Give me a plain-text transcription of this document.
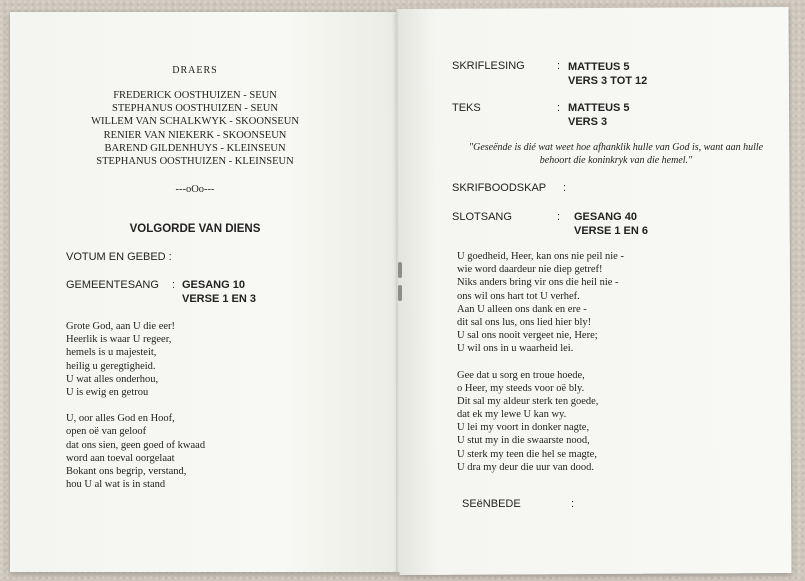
DRAERS
FREDERICK OOSTHUIZEN - SEUN
STEPHANUS OOSTHUIZEN - SEUN
WILLEM VAN SCHALKWYK - SKOONSEUN
RENIER VAN NIEKERK - SKOONSEUN
BAREND GILDENHUYS - KLEINSEUN
STEPHANUS OOSTHUIZEN - KLEINSEUN
---oOo---
VOLGORDE VAN DIENS
VOTUM EN GEBED :
GEMEENTESANG : GESANG 10
VERSE 1 EN 3
Grote God, aan U die eer!
Heerlik is waar U regeer,
hemels is u majesteit,
heilig u geregtigheid.
U wat alles onderhou,
U is ewig en getrou
U, oor alles God en Hoof,
open oë van geloof
dat ons sien, geen goed of kwaad
word aan toeval oorgelaat
Bokant ons begrip, verstand,
hou U al wat is in stand
SKRIFLESING	: MATTEUS 5
VERS 3 TOT 12
TEKS	: MATTEUS 5
VERS 3
"Geseënde is dié wat weet hoe afhanklik hulle van God is, want aan hulle behoort die koninkryk van die hemel."
SKRIFBOODSKAP :
SLOTSANG	: GESANG 40
VERSE 1 EN 6
U goedheid, Heer, kan ons nie peil nie -
wie word daardeur nie diep getref!
Niks anders bring vir ons die heil nie -
ons wil ons hart tot U verhef.
Aan U alleen ons dank en ere -
dit sal ons lus, ons lied hier bly!
U sal ons nooit vergeet nie, Here;
U wil ons in u waarheid lei.
Gee dat u sorg en troue hoede,
o Heer, my steeds voor oë bly.
Dit sal my aldeur sterk ten goede,
dat ek my lewe U kan wy.
U lei my voort in donker nagte,
U stut my in die swaarste nood,
U sterk my teen die hel se magte,
U dra my deur die uur van dood.
SEëNBEDE	:
